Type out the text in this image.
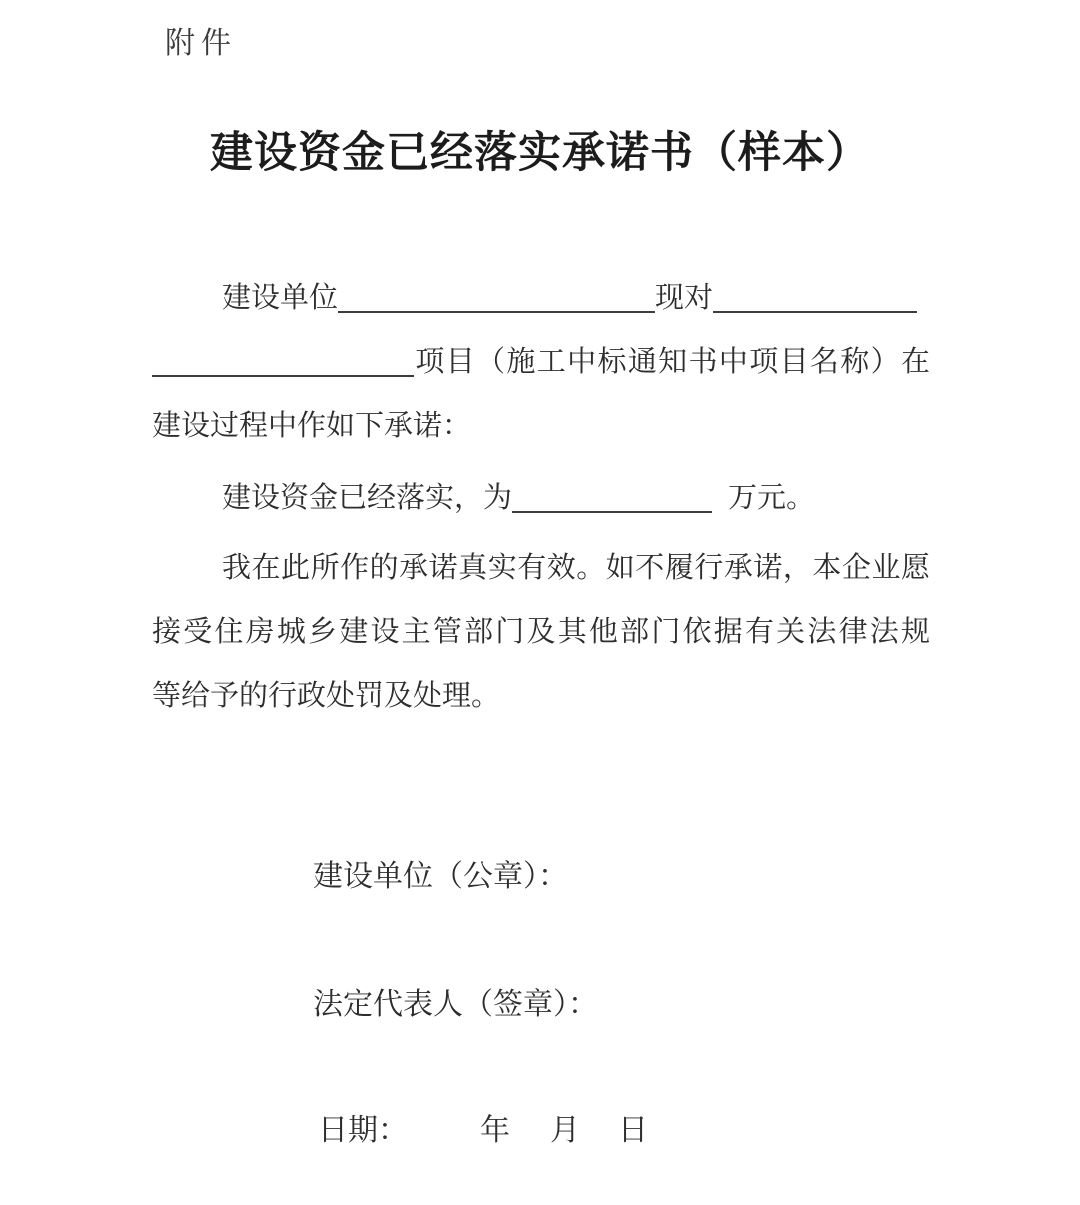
附件
建设资金已经落实承诺书（样本）
建设单位	现对
项目（施工中标通知书中项目名称）在
建设过程中作如下承诺：
建设资金已经落实，为	万元。
我在此所作的承诺真实有效。如不履行承诺，本企业愿
接受住房城乡建设主管部门及其他部门依据有关法律法规
等给予的行政处罚及处理。
建设单位（公章）：
法定代表人（签章）：
日期： 年 月 日
